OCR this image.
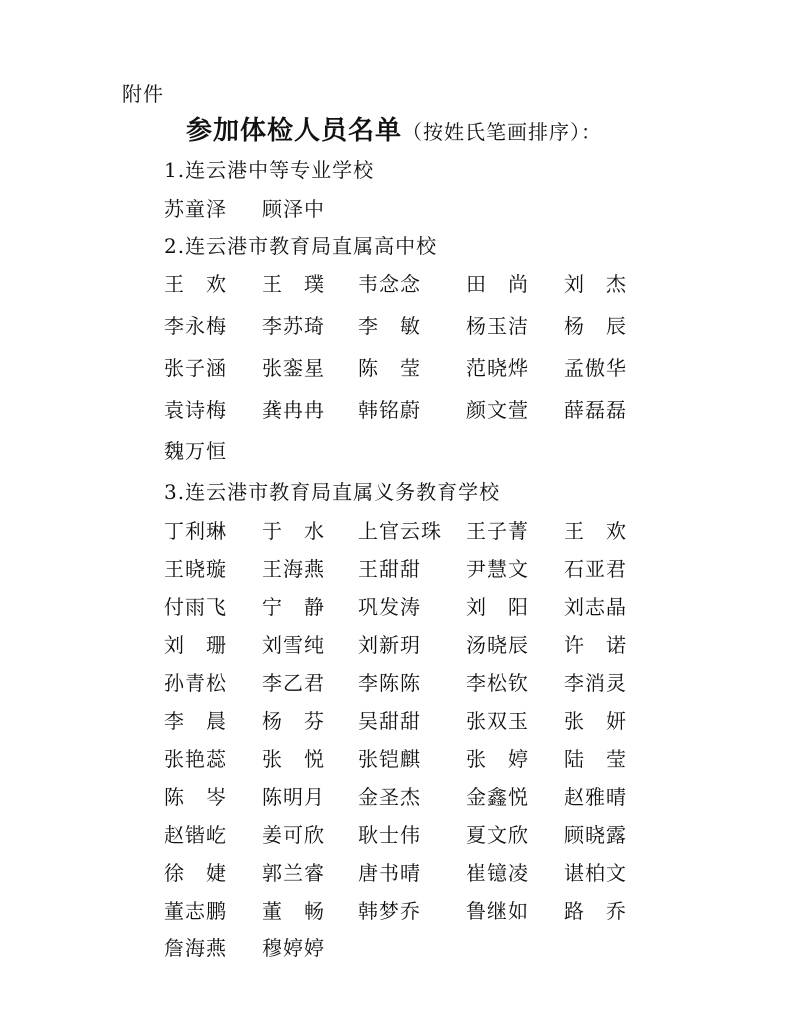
附件
参加体检人员名单（按姓氏笔画排序）：
1.连云港中等专业学校
苏童泽 顾泽中
2.连云港市教育局直属高中校
王　欢 王　璞 韦念念 田　尚 刘　杰
李永梅 李苏琦 李　敏 杨玉洁 杨　辰
张子涵 张銮星 陈　莹 范晓烨 孟傲华
袁诗梅 龚冉冉 韩铭蔚 颜文萱 薛磊磊
魏万恒
3.连云港市教育局直属义务教育学校
丁利琳 于　水 上官云珠 王子菁 王　欢
王晓璇 王海燕 王甜甜 尹慧文 石亚君
付雨飞 宁　静 巩发涛 刘　阳 刘志晶
刘　珊 刘雪纯 刘新玥 汤晓辰 许　诺
孙青松 李乙君 李陈陈 李松钦 李消灵
李　晨 杨　芬 吴甜甜 张双玉 张　妍
张艳蕊 张　悦 张铠麒 张　婷 陆　莹
陈　岑 陈明月 金圣杰 金鑫悦 赵雅晴
赵锴屹 姜可欣 耿士伟 夏文欣 顾晓露
徐　婕 郭兰睿 唐书晴 崔镱凌 谌柏文
董志鹏 董　畅 韩梦乔 鲁继如 路　乔
詹海燕 穆婷婷
